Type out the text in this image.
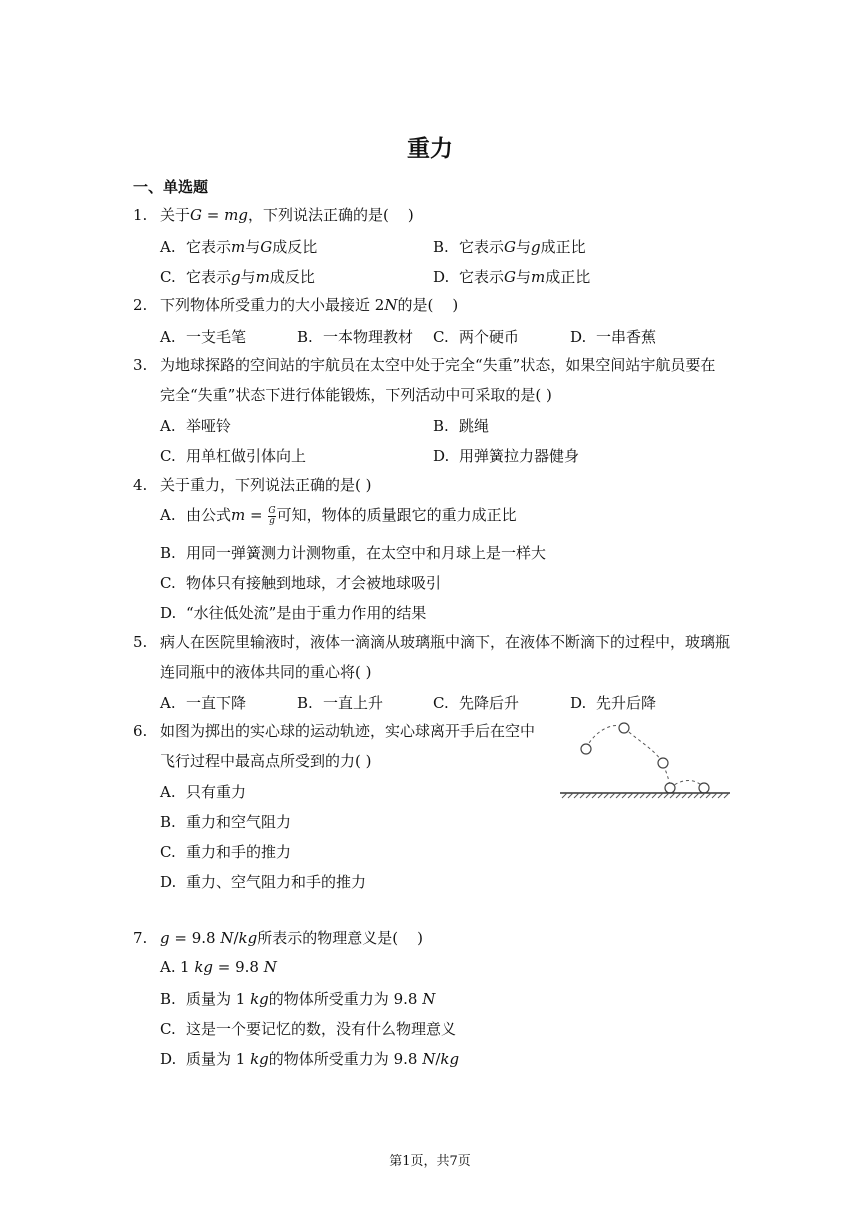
重力
一、单选题
1. 关于G = mg，下列说法正确的是(    )
A. 它表示m与G成反比	B. 它表示G与g成正比
C. 它表示g与m成反比	D. 它表示G与m成正比
2. 下列物体所受重力的大小最接近 2N的是(    )
A. 一支毛笔	B. 一本物理教材 C. 两个硬币	D. 一串香蕉
3. 为地球探路的空间站的宇航员在太空中处于完全“失重”状态，如果空间站宇航员要在
完全“失重”状态下进行体能锻炼，下列活动中可采取的是( )
A. 举哑铃	B. 跳绳
C. 用单杠做引体向上	D. 用弹簧拉力器健身
4. 关于重力，下列说法正确的是( )
A. 由公式$m = \frac{G}{g}$ 可知，物体的质量跟它的重力成正比
B. 用同一弹簧测力计测物重，在太空中和月球上是一样大
C. 物体只有接触到地球，才会被地球吸引
D. “水往低处流”是由于重力作用的结果
5. 病人在医院里输液时，液体一滴滴从玻璃瓶中滴下，在液体不断滴下的过程中，玻璃瓶
连同瓶中的液体共同的重心将( )
A. 一直下降	B. 一直上升	C. 先降后升	D. 先升后降
6. 如图为掷出的实心球的运动轨迹，实心球离开手后在空中
飞行过程中最高点所受到的力( )
A. 只有重力
B. 重力和空气阻力
C. 重力和手的推力
D. 重力、空气阻力和手的推力
7. g = 9.8 N/kg所表示的物理意义是(    )
A. 1 kg = 9.8 N
B. 质量为 1 kg的物体所受重力为 9.8 N
C. 这是一个要记忆的数，没有什么物理意义
D. 质量为 1 kg的物体所受重力为 9.8 N/kg
第1页，共7页
